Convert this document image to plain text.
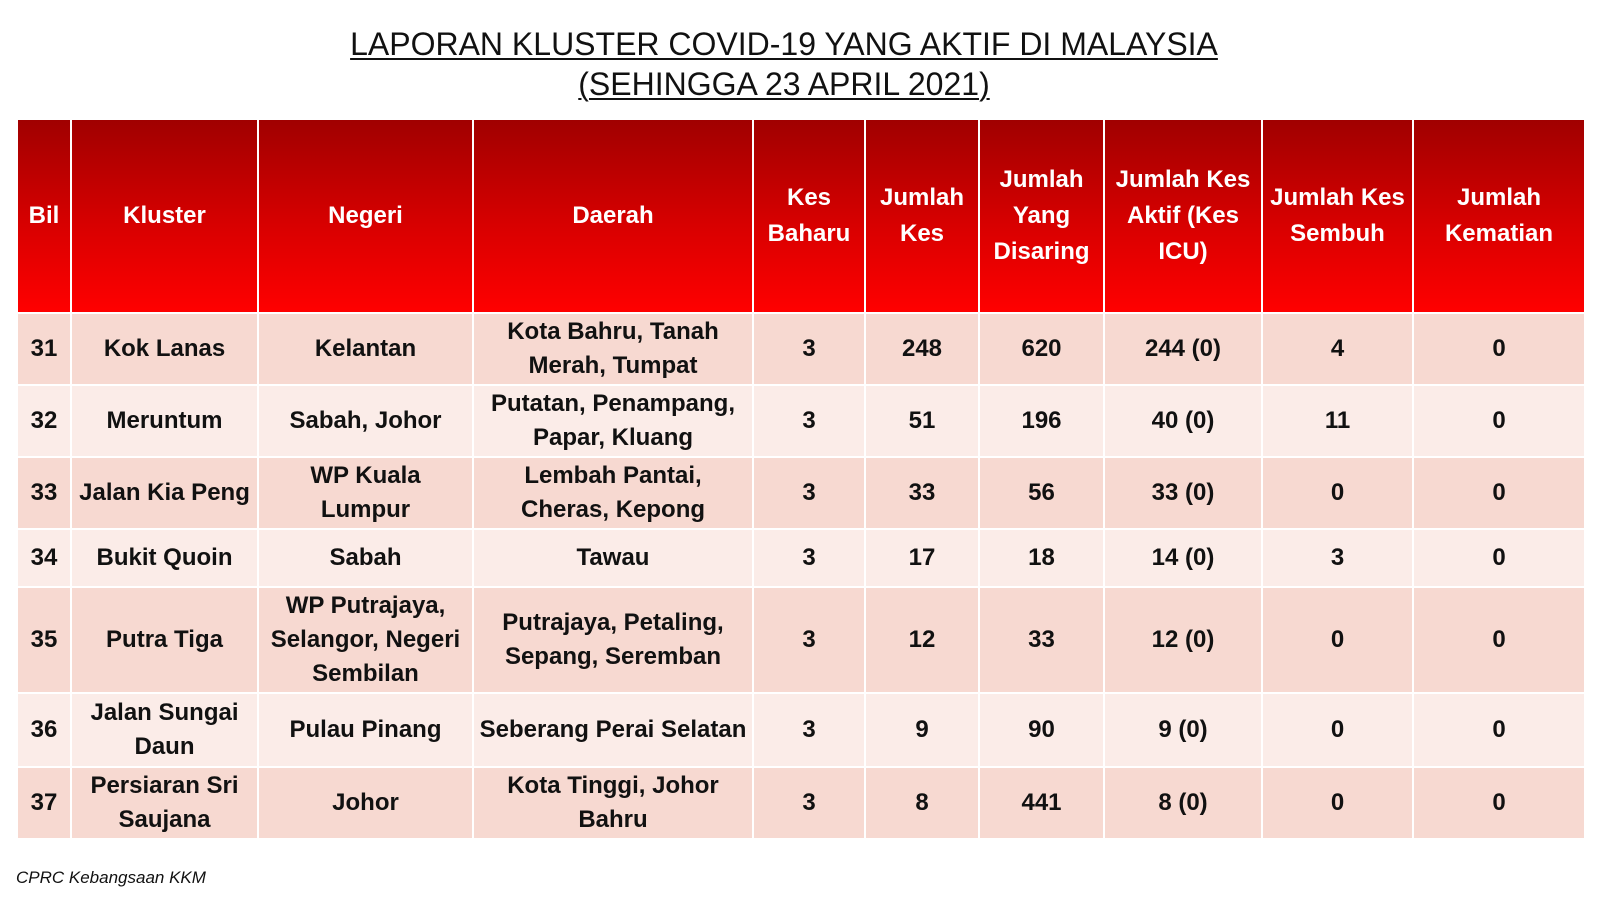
LAPORAN KLUSTER COVID-19 YANG AKTIF DI MALAYSIA
(SEHINGGA 23 APRIL 2021)
Bil	Kluster	Negeri	Daerah	Kes Baharu	Jumlah Kes	Jumlah Yang Disaring	Jumlah Kes Aktif (Kes ICU)	Jumlah Kes Sembuh	Jumlah Kematian
31	Kok Lanas	Kelantan	Kota Bahru, Tanah Merah, Tumpat	3	248	620	244 (0)	4	0
32	Meruntum	Sabah, Johor	Putatan, Penampang, Papar, Kluang	3	51	196	40 (0)	11	0
33	Jalan Kia Peng	WP Kuala Lumpur	Lembah Pantai, Cheras, Kepong	3	33	56	33 (0)	0	0
34	Bukit Quoin	Sabah	Tawau	3	17	18	14 (0)	3	0
35	Putra Tiga	WP Putrajaya, Selangor, Negeri Sembilan	Putrajaya, Petaling, Sepang, Seremban	3	12	33	12 (0)	0	0
36	Jalan Sungai Daun	Pulau Pinang	Seberang Perai Selatan	3	9	90	9 (0)	0	0
37	Persiaran Sri Saujana	Johor	Kota Tinggi, Johor Bahru	3	8	441	8 (0)	0	0
CPRC Kebangsaan KKM
